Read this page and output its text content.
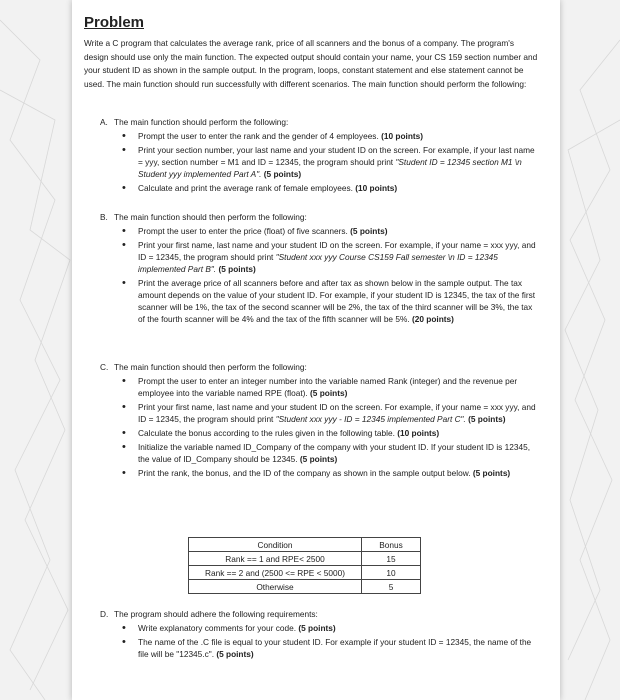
Problem

Write a C program that calculates the average rank, price of all scanners and the bonus of a company. The program's design should use only the main function. The expected output should contain your name, your CS 159 section number and your student ID as shown in the sample output. In the program, loops, constant statement and else statement cannot be used. The main function should run successfully with different scenarios. The main function should perform the following:

A. The main function should perform the following:
• Prompt the user to enter the rank and the gender of 4 employees. (10 points)
• Print your section number, your last name and your student ID on the screen. For example, if your last name = yyy, section number = M1 and ID = 12345, the program should print "Student ID = 12345 section M1 \n Student yyy implemented Part A". (5 points)
• Calculate and print the average rank of female employees. (10 points)
B. The main function should then perform the following:
• Prompt the user to enter the price (float) of five scanners. (5 points)
• Print your first name, last name and your student ID on the screen. For example, if your name = xxx yyy, and ID = 12345, the program should print "Student xxx yyy Course CS159 Fall semester \n ID = 12345 implemented Part B". (5 points)
• Print the average price of all scanners before and after tax as shown below in the sample output. The tax amount depends on the value of your student ID. For example, if your student ID is 12345, the tax of the first scanner will be 1%, the tax of the second scanner will be 2%, the tax of the third scanner will be 3%, the tax of the fourth scanner will be 4% and the tax of the fifth scanner will be 5%. (20 points)
C. The main function should then perform the following:
• Prompt the user to enter an integer number into the variable named Rank (integer) and the revenue per employee into the variable named RPE (float). (5 points)
• Print your first name, last name and your student ID on the screen. For example, if your name = xxx yyy, and ID = 12345, the program should print "Student xxx yyy - ID = 12345 implemented Part C". (5 points)
• Calculate the bonus according to the rules given in the following table. (10 points)
• Initialize the variable named ID_Company of the company with your student ID. If your student ID is 12345, the value of ID_Company should be 12345. (5 points)
• Print the rank, the bonus, and the ID of the company as shown in the sample output below. (5 points)
Condition	Bonus
Rank == 1 and RPE< 2500	15
Rank == 2 and (2500 <= RPE < 5000)	10
Otherwise	5
D. The program should adhere the following requirements:
• Write explanatory comments for your code. (5 points)
• The name of the .C file is equal to your student ID. For example if your student ID = 12345, the name of the file will be "12345.c". (5 points)
